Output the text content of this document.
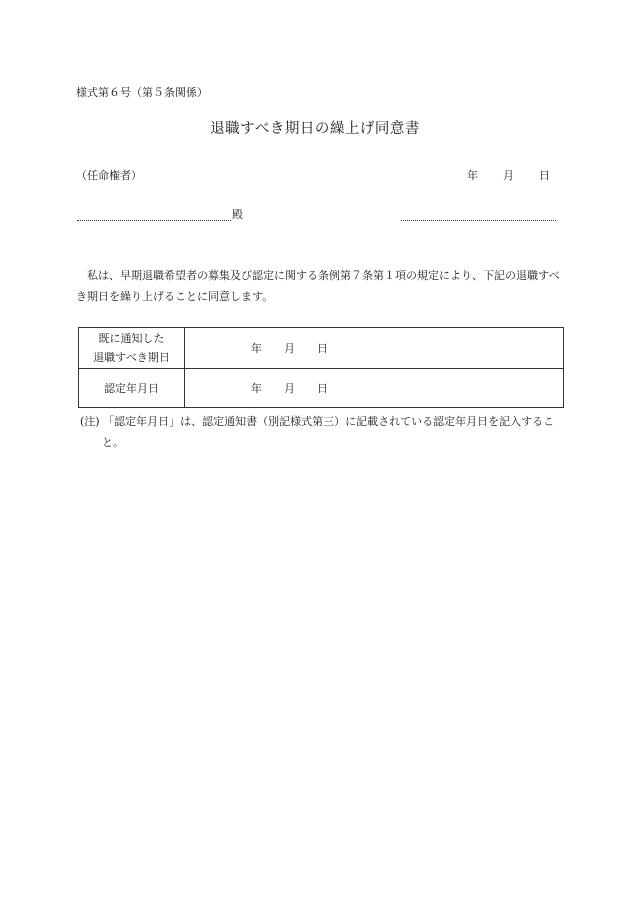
様式第６号（第５条関係）
退職すべき期日の繰上げ同意書
（任命権者）	年 月 日
殿
私は、早期退職希望者の募集及び認定に関する条例第７条第１項の規定により、下記の退職すべき期日を繰り上げることに同意します。
既に通知した
退職すべき期日	年 月 日

認定年月日	年 月 日
(注) 「認定年月日」は、認定通知書（別記様式第三）に記載されている認定年月日を記入すること。
